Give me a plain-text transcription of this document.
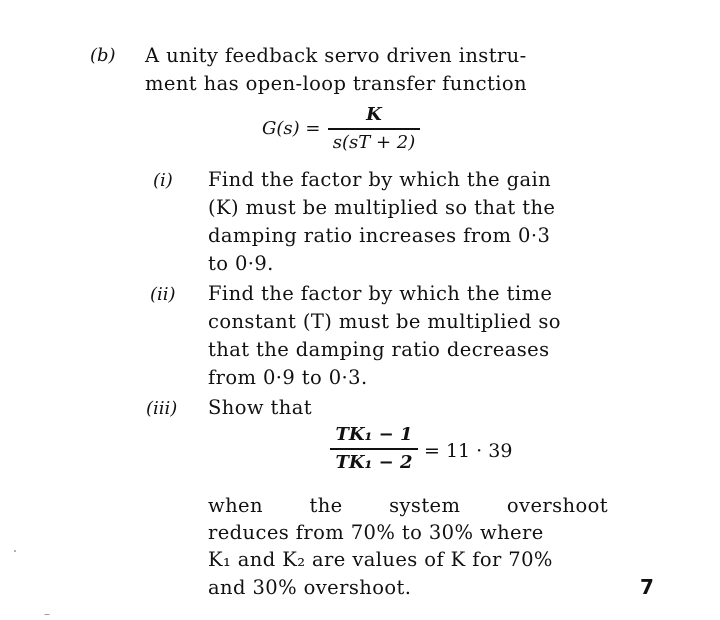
(b) A unity feedback servo driven instru-
ment has open-loop transfer function
G(s) =
K
s(sT + 2)
(i) Find the factor by which the gain
(K) must be multiplied so that the
damping ratio increases from 0·3
to 0·9.
(ii) Find the factor by which the time
constant (T) must be multiplied so
that the damping ratio decreases
from 0·9 to 0·3.
(iii) Show that
TK₁ − 1
TK₁ − 2
= 11 · 39
when the system overshoot
reduces from 70% to 30% where
K₁ and K₂ are values of K for 70%
and 30% overshoot.	7
